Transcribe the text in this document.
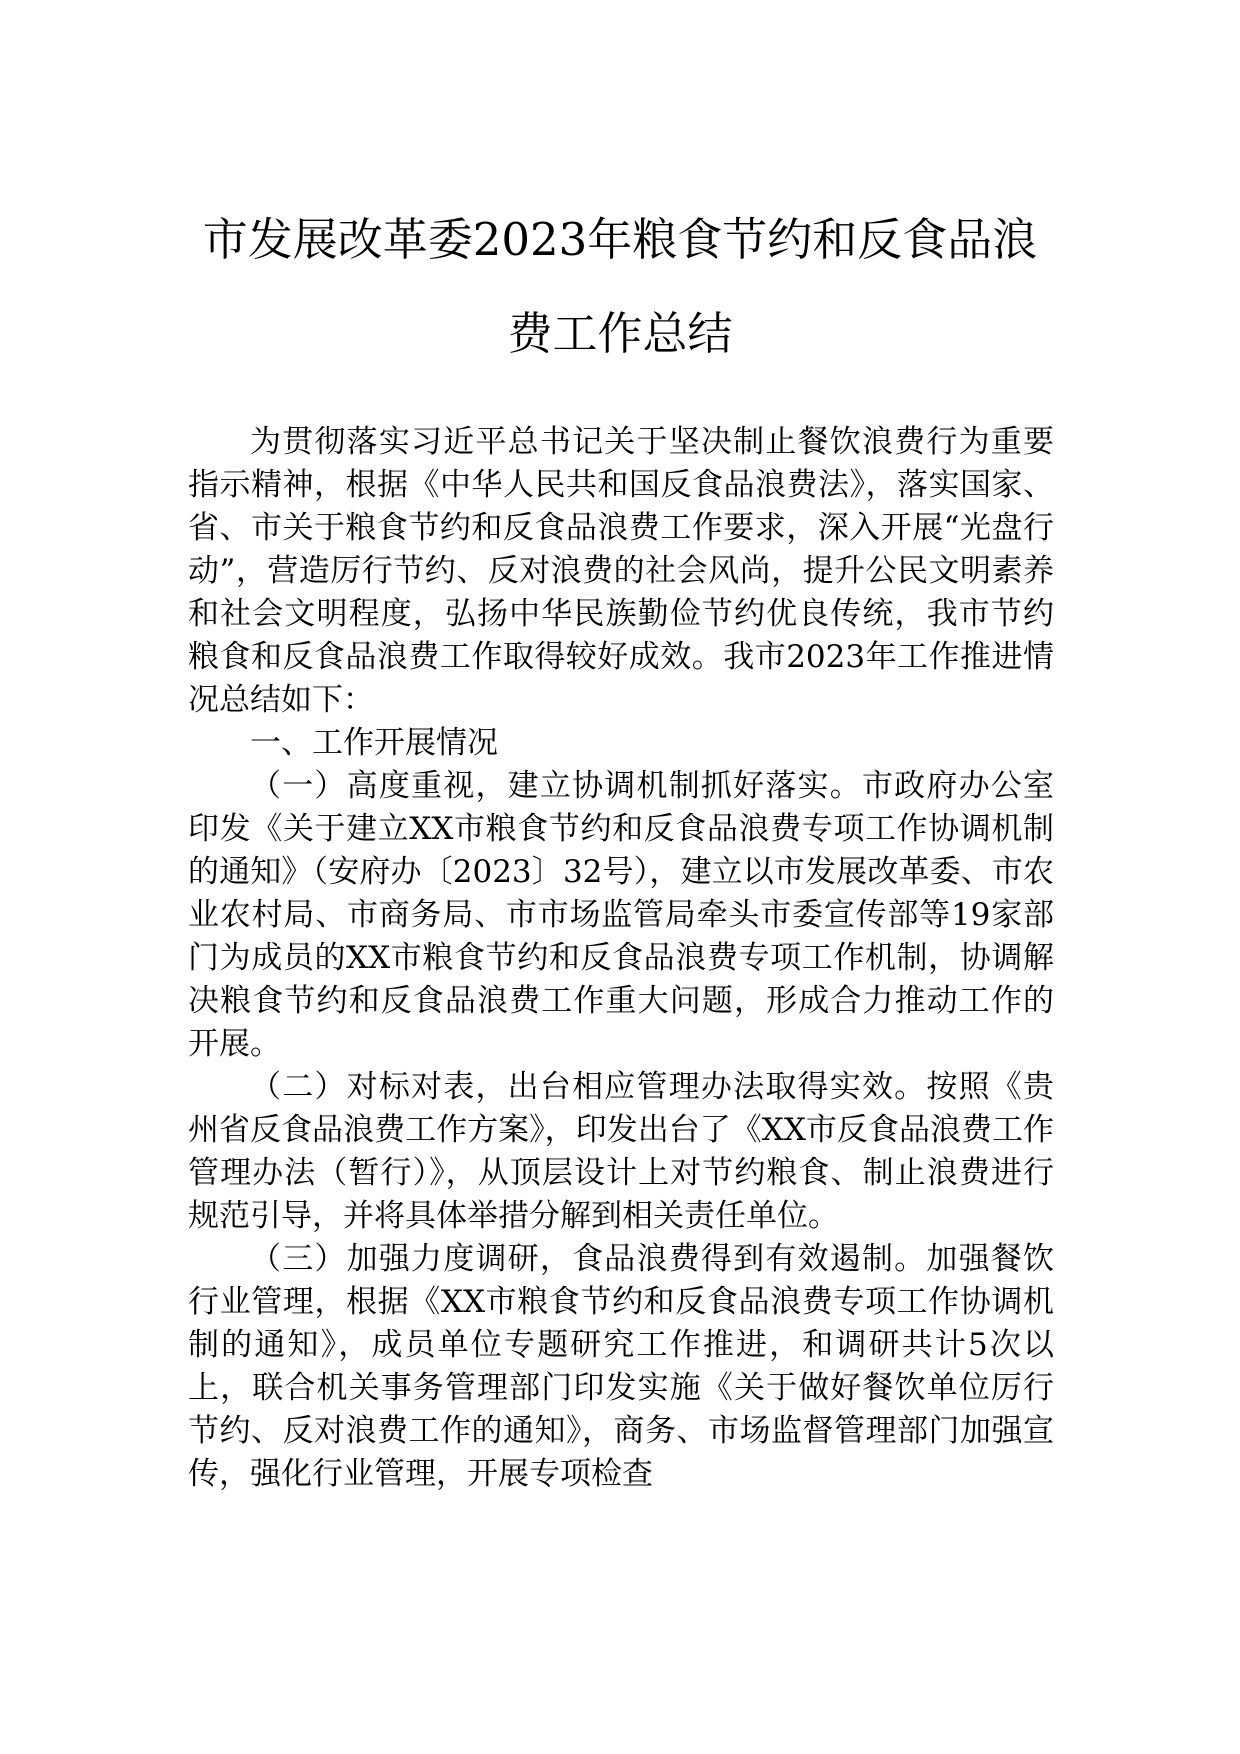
市发展改革委2023年粮食节约和反食品浪
费工作总结

为贯彻落实习近平总书记关于坚决制止餐饮浪费行为重要指示精神，根据《中华人民共和国反食品浪费法》，落实国家、省、市关于粮食节约和反食品浪费工作要求，深入开展“光盘行动”，营造厉行节约、反对浪费的社会风尚，提升公民文明素养和社会文明程度，弘扬中华民族勤俭节约优良传统，我市节约粮食和反食品浪费工作取得较好成效。我市2023年工作推进情况总结如下：

一、工作开展情况

（一）高度重视，建立协调机制抓好落实。市政府办公室印发《关于建立XX市粮食节约和反食品浪费专项工作协调机制的通知》（安府办〔2023〕32号），建立以市发展改革委、市农业农村局、市商务局、市市场监管局牵头市委宣传部等19家部门为成员的XX市粮食节约和反食品浪费专项工作机制，协调解决粮食节约和反食品浪费工作重大问题，形成合力推动工作的开展。

（二）对标对表，出台相应管理办法取得实效。按照《贵州省反食品浪费工作方案》，印发出台了《XX市反食品浪费工作管理办法（暂行）》，从顶层设计上对节约粮食、制止浪费进行规范引导，并将具体举措分解到相关责任单位。

（三）加强力度调研，食品浪费得到有效遏制。加强餐饮行业管理，根据《XX市粮食节约和反食品浪费专项工作协调机制的通知》，成员单位专题研究工作推进，和调研共计5次以上，联合机关事务管理部门印发实施《关于做好餐饮单位厉行节约、反对浪费工作的通知》，商务、市场监督管理部门加强宣传，强化行业管理，开展专项检查
